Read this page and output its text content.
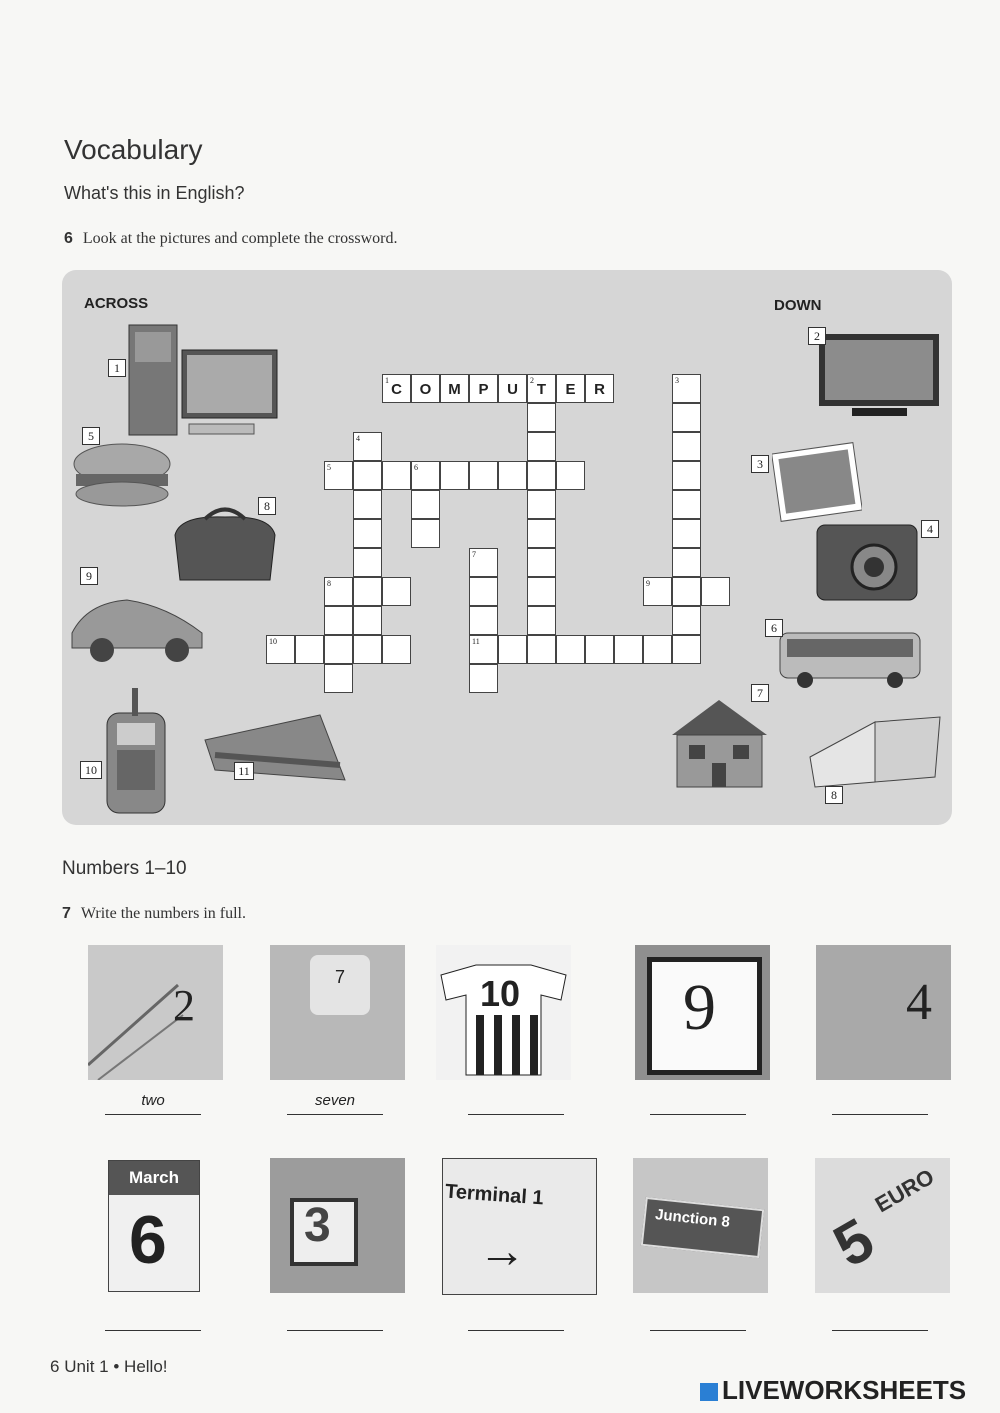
Vocabulary
What's this in English?
6 Look at the pictures and complete the crossword.
ACROSS	DOWN
1
5
8
9
10	11
2
3
4
6
7
8
1
C	O	M	P	U
2
T	E	R
3
4
5	6
8
7
9
10	11
Numbers 1–10
7 Write the numbers in full.
2
7	10 9	4
two	seven
March
6	3
Terminal 1
→
Junction 8 5
EURO
6 Unit 1 • Hello!
LIVEWORKSHEETS
